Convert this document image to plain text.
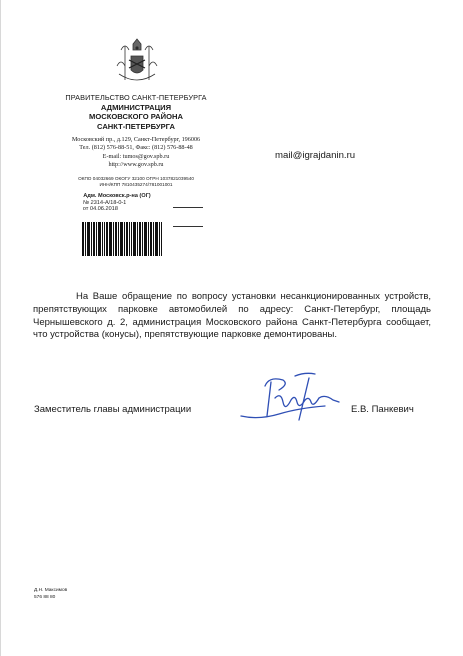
ПРАВИТЕЛЬСТВО САНКТ-ПЕТЕРБУРГА
АДМИНИСТРАЦИЯ
МОСКОВСКОГО РАЙОНА
САНКТ-ПЕТЕРБУРГА
Московский пр., д.129, Санкт-Петербург, 196006
Тел. (812) 576-88-51, Факс: (812) 576-88-48
E-mail: tumos@gov.spb.ru
http://www.gov.spb.ru
ОКПО 04032669 ОКОГУ 32100 ОГРН 1037821039540
ИНН/КПП 7810435274/781001001
mail@igrajdanin.ru
Адм. Московск.р-на (ОГ)
№ 2314-А/18-0-1
от 04.06.2018
На Ваше обращение по вопросу установки несанкционированных устройств, препятствующих парковке автомобилей по адресу: Санкт-Петербург, площадь Чернышевского д. 2, администрация Московского района Санкт-Петербурга сообщает, что устройства (конусы), препятствующие парковке демонтированы.
Заместитель главы администрации	Е.В. Панкевич
Д.Н. Максимов
576 88 80
